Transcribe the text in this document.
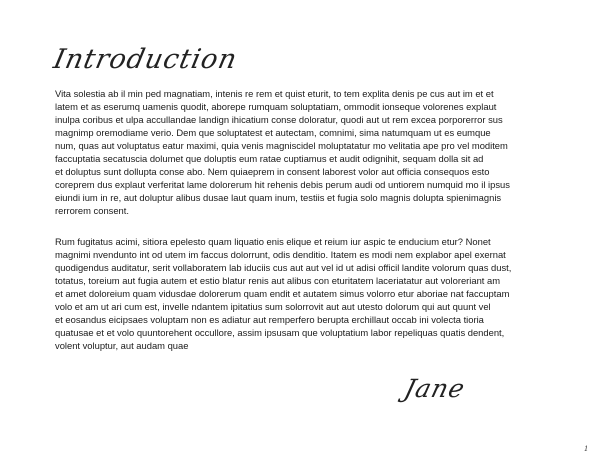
Introduction
Vita solestia ab il min ped magnatiam, intenis re rem et quist eturit, to tem explita denis pe cus aut im et et
latem et as eserumq uamenis quodit, aborepe rumquam soluptatiam, ommodit ionseque volorenes explaut
inulpa coribus et ulpa accullandae landign ihicatium conse doloratur, quodi aut ut rem excea porporerror sus
magnimp oremodiame verio. Dem que soluptatest et autectam, comnimi, sima natumquam ut es eumque
num, quas aut voluptatus eatur maximi, quia venis magniscidel moluptatatur mo velitatia ape pro vel moditem
faccuptatia secatuscia dolumet que doluptis eum ratae cuptiamus et audit odignihit, sequam dolla sit ad
et doluptus sunt dollupta conse abo. Nem quiaeprem in consent laborest volor aut officia consequos esto
coreprem dus explaut verferitat lame dolorerum hit rehenis debis perum audi od untiorem numquid mo il ipsus
eiundi ium in re, aut doluptur alibus dusae laut quam inum, testiis et fugia solo magnis dolupta spienimagnis
rerrorem consent.
Rum fugitatus acimi, sitiora epelesto quam liquatio enis elique et reium iur aspic te enducium etur? Nonet
magnimi nvendunto int od utem im faccus dolorrunt, odis denditio. Itatem es modi nem explabor apel exernat
quodigendus auditatur, serit vollaboratem lab iduciis cus aut aut vel id ut adisi officil landite volorum quas dust,
totatus, toreium aut fugia autem et estio blatur renis aut alibus con eturitatem laceriatatur aut voloreriant am
et amet doloreium quam vidusdae dolorerum quam endit et autatem simus volorro etur aboriae nat faccuptam
volo et am ut ari cum est, invelle ndantem ipitatius sum solorrovit aut aut utesto dolorum qui aut quunt vel
et eosandus eicipsaes voluptam non es adiatur aut remperfero berupta erchillaut occab ini volecta tioria
quatusae et et volo quuntorehent occullore, assim ipsusam que voluptatium labor repeliquas quatis dendent,
volent voluptur, aut audam quae
Jane
1
